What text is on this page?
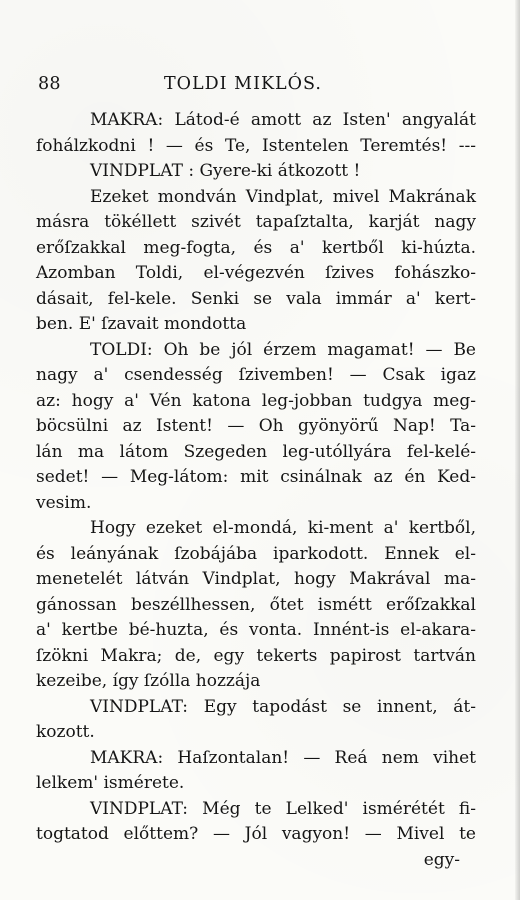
88	TOLDI MIKLÓS.
MAKRA: Látod-é amott az Isten' angyalát
fohálzkodni ! — és Te, Istentelen Teremtés! ---
VINDPLAT : Gyere-ki átkozott !
Ezeket mondván Vindplat, mivel Makrának
másra tökéllett szivét tapaſztalta, karját nagy
erőſzakkal meg-fogta, és a' kertből ki-húzta.
Azomban Toldi, el-végezvén ſzives fohászko-
dásait, fel-kele. Senki se vala immár a' kert-
ben. E' ſzavait mondotta
TOLDI: Oh be jól érzem magamat! — Be
nagy a' csendesség ſzivemben! — Csak igaz
az: hogy a' Vén katona leg-jobban tudgya meg-
böcsülni az Istent! — Oh gyönyörű Nap! Ta-
lán ma látom Szegeden leg-utóllyára fel-kelé-
sedet! — Meg-látom: mit csinálnak az én Ked-
vesim.
Hogy ezeket el-mondá, ki-ment a' kertből,
és leányának ſzobájába iparkodott. Ennek el-
menetelét látván Vindplat, hogy Makrával ma-
gánossan beszéllhessen, őtet ismétt erőſzakkal
a' kertbe bé-huzta, és vonta. Innént-is el-akara-
ſzökni Makra; de, egy tekerts papirost tartván
kezeibe, így ſzólla hozzája
VINDPLAT: Egy tapodást se innent, át-
kozott.
MAKRA: Haſzontalan! — Reá nem vihet
lelkem' ismérete.
VINDPLAT: Még te Lelked' ismérétét fi-
togtatod előttem? — Jól vagyon! — Mivel te
egy-
